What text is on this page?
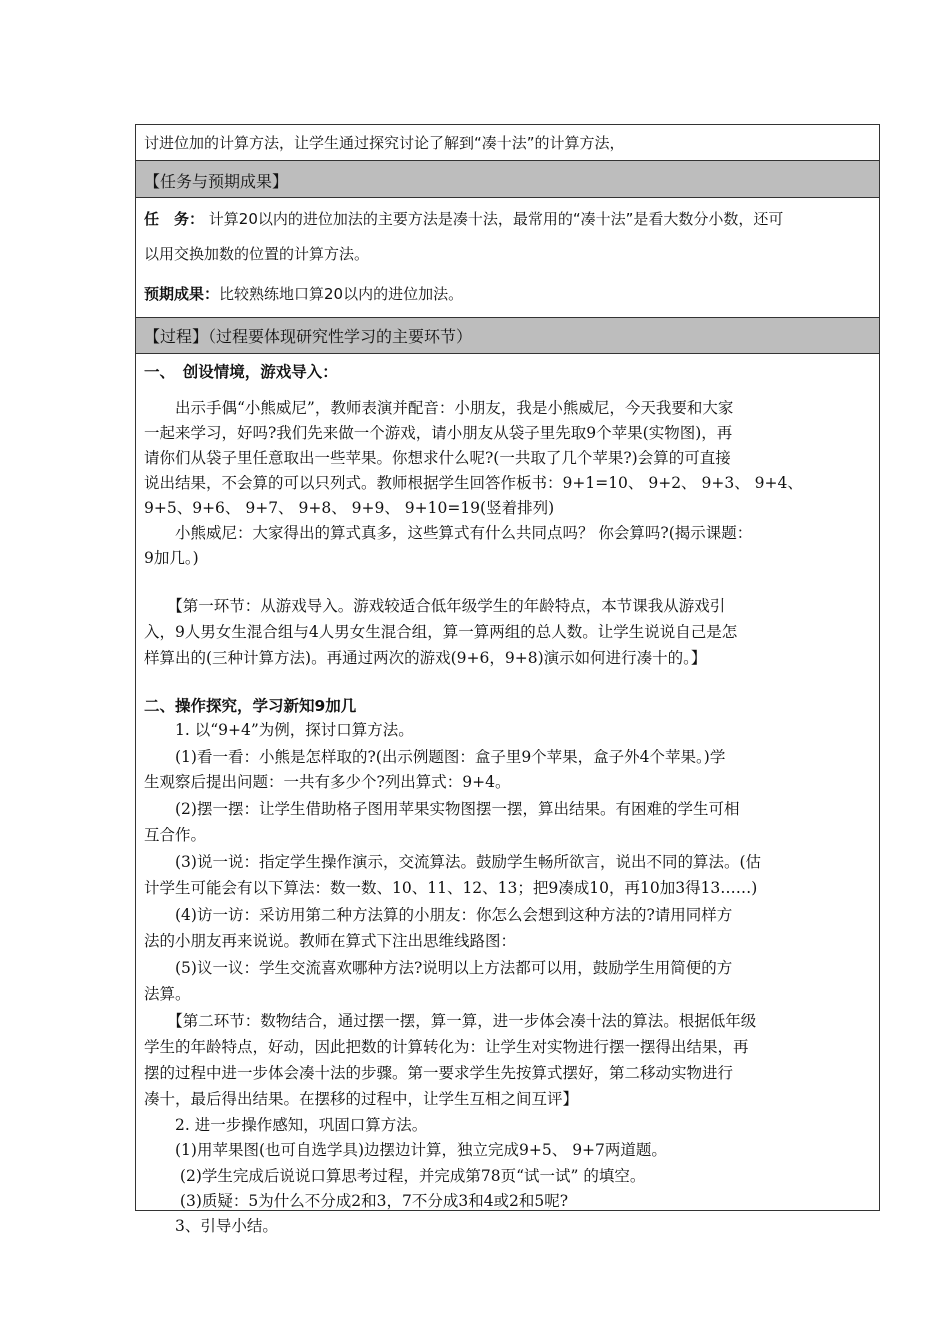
讨进位加的计算方法，让学生通过探究讨论了解到“凑十法”的计算方法，
【任务与预期成果】
任　务： 计算20以内的进位加法的主要方法是凑十法，最常用的“凑十法”是看大数分小数，还可
以用交换加数的位置的计算方法。
预期成果：比较熟练地口算20以内的进位加法。
【过程】（过程要体现研究性学习的主要环节）
一、　创设情境，游戏导入：
　　出示手偶“小熊威尼”，教师表演并配音：小朋友，我是小熊威尼，今天我要和大家
一起来学习，好吗?我们先来做一个游戏，请小朋友从袋子里先取9个苹果(实物图)，再
请你们从袋子里任意取出一些苹果。你想求什么呢?(一共取了几个苹果?)会算的可直接
说出结果，不会算的可以只列式。教师根据学生回答作板书：9+1=10、 9+2、 9+3、 9+4、
9+5、9+6、 9+7、 9+8、 9+9、 9+10=19(竖着排列)
　　小熊威尼：大家得出的算式真多，这些算式有什么共同点吗？ 你会算吗?(揭示课题：
9加几。)
　　【第一环节：从游戏导入。游戏较适合低年级学生的年龄特点，本节课我从游戏引
入，9人男女生混合组与4人男女生混合组，算一算两组的总人数。让学生说说自己是怎
样算出的(三种计算方法)。再通过两次的游戏(9+6，9+8)演示如何进行凑十的。】
二、操作探究，学习新知9加几
　　1. 以“9+4”为例，探讨口算方法。
　　(1)看一看：小熊是怎样取的?(出示例题图：盒子里9个苹果，盒子外4个苹果。)学
生观察后提出问题：一共有多少个?列出算式：9+4。
　　(2)摆一摆：让学生借助格子图用苹果实物图摆一摆，算出结果。有困难的学生可相
互合作。
　　(3)说一说：指定学生操作演示，交流算法。鼓励学生畅所欲言，说出不同的算法。(估
计学生可能会有以下算法：数一数、10、11、12、13；把9凑成10，再10加3得13……)
　　(4)访一访：采访用第二种方法算的小朋友：你怎么会想到这种方法的?请用同样方
法的小朋友再来说说。教师在算式下注出思维线路图：
　　(5)议一议：学生交流喜欢哪种方法?说明以上方法都可以用，鼓励学生用简便的方
法算。
　　【第二环节：数物结合，通过摆一摆，算一算，进一步体会凑十法的算法。根据低年级
学生的年龄特点，好动，因此把数的计算转化为：让学生对实物进行摆一摆得出结果，再
摆的过程中进一步体会凑十法的步骤。第一要求学生先按算式摆好，第二移动实物进行
凑十，最后得出结果。在摆移的过程中，让学生互相之间互评】
　　2. 进一步操作感知，巩固口算方法。
　　(1)用苹果图(也可自选学具)边摆边计算，独立完成9+5、 9+7两道题。
　　 (2)学生完成后说说口算思考过程，并完成第78页“试一试” 的填空。
　　 (3)质疑：5为什么不分成2和3，7不分成3和4或2和5呢?
　　3、引导小结。
